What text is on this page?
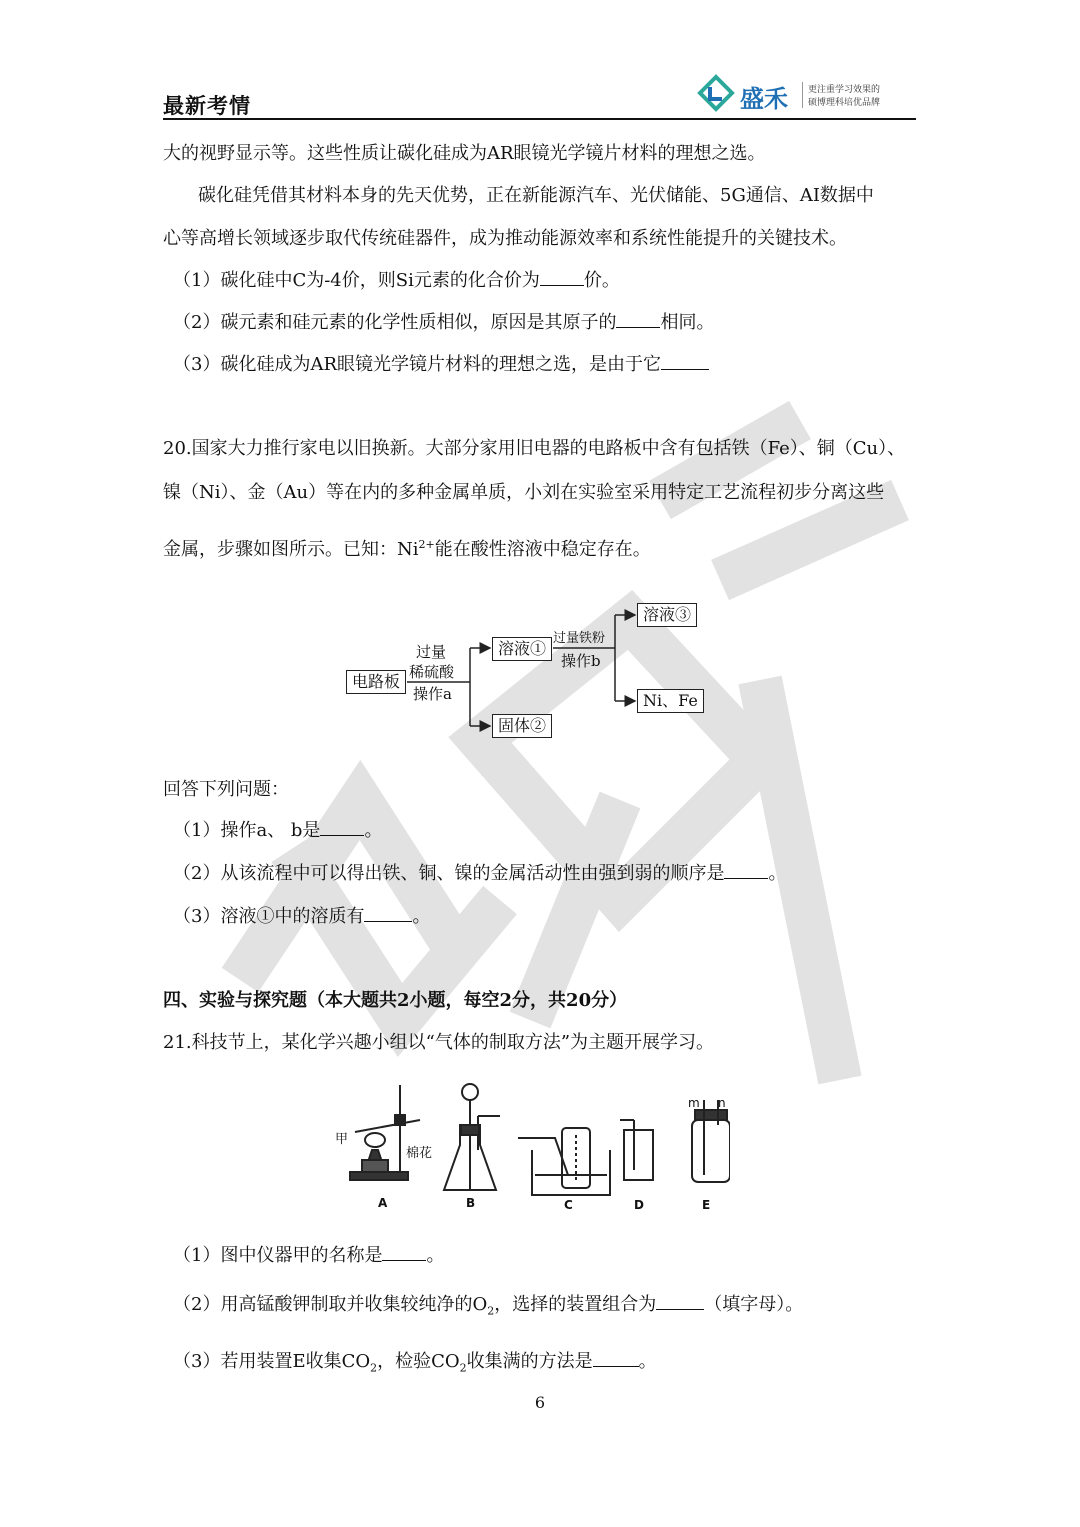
最新考情	盛禾 更注重学习效果的
硕博理科培优品牌
大的视野显示等。这些性质让碳化硅成为AR眼镜光学镜片材料的理想之选。
碳化硅凭借其材料本身的先天优势，正在新能源汽车、光伏储能、5G通信、AI数据中
心等高增长领域逐步取代传统硅器件，成为推动能源效率和系统性能提升的关键技术。
（1）碳化硅中C为-4价，则Si元素的化合价为 价。
（2）碳元素和硅元素的化学性质相似，原因是其原子的 相同。
（3）碳化硅成为AR眼镜光学镜片材料的理想之选，是由于它
20.国家大力推行家电以旧换新。大部分家用旧电器的电路板中含有包括铁（Fe）、铜（Cu）、
镍（Ni）、金（Au）等在内的多种金属单质，小刘在实验室采用特定工艺流程初步分离这些
金属，步骤如图所示。已知：$Ni^{2+}$能在酸性溶液中稳定存在。
电路板
过量
稀硫酸
操作a
溶液①
固体②
过量铁粉
操作b
溶液③
Ni、Fe
回答下列问题：
（1）操作a、 b是 。
（2）从该流程中可以得出铁、铜、镍的金属活动性由强到弱的顺序是 。
（3）溶液①中的溶质有	。
四、实验与探究题（本大题共2小题，每空2分，共20分）
21.科技节上，某化学兴趣小组以“气体的制取方法”为主题开展学习。
甲
棉花
m n
A	B	C	D	E
（1）图中仪器甲的名称是 。
（2）用高锰酸钾制取并收集较纯净的$O_2$，选择的装置组合为	（填字母）。
（3）若用装置E收集$CO_2$，检验$CO_2$收集满的方法是	。
6
